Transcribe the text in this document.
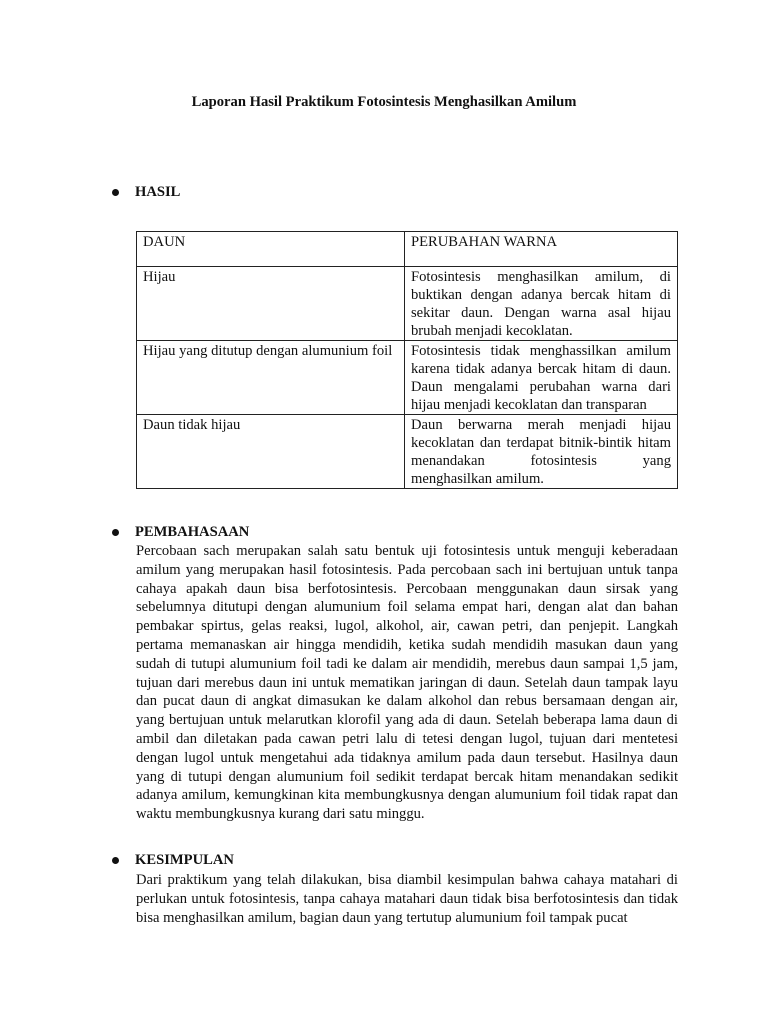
Laporan Hasil Praktikum Fotosintesis Menghasilkan Amilum
HASIL
DAUN	PERUBAHAN WARNA
Hijau	Fotosintesis menghasilkan amilum, di buktikan dengan adanya bercak hitam di sekitar daun. Dengan warna asal hijau brubah menjadi kecoklatan.
Hijau yang ditutup dengan alumunium foil	Fotosintesis tidak menghassilkan amilum karena tidak adanya bercak hitam di daun. Daun mengalami perubahan warna dari hijau menjadi kecoklatan dan transparan
Daun tidak hijau	Daun berwarna merah menjadi hijau kecoklatan dan terdapat bitnik-bintik hitam menandakan fotosintesis yang menghasilkan amilum.
PEMBAHASAAN
Percobaan sach merupakan salah satu bentuk uji fotosintesis untuk menguji keberadaan amilum yang merupakan hasil fotosintesis. Pada percobaan sach ini bertujuan untuk tanpa cahaya apakah daun bisa berfotosintesis. Percobaan menggunakan daun sirsak yang sebelumnya ditutupi dengan alumunium foil selama empat hari, dengan alat dan bahan pembakar spirtus, gelas reaksi, lugol, alkohol, air, cawan petri, dan penjepit. Langkah pertama memanaskan air hingga mendidih, ketika sudah mendidih masukan daun yang sudah di tutupi alumunium foil tadi ke dalam air mendidih, merebus daun sampai 1,5 jam, tujuan dari merebus daun ini untuk mematikan jaringan di daun. Setelah daun tampak layu dan pucat daun di angkat dimasukan ke dalam alkohol dan rebus bersamaan dengan air, yang bertujuan untuk melarutkan klorofil yang ada di daun. Setelah beberapa lama daun di ambil dan diletakan pada cawan petri lalu di tetesi dengan lugol, tujuan dari mentetesi dengan lugol untuk mengetahui ada tidaknya amilum pada daun tersebut. Hasilnya daun yang di tutupi dengan alumunium foil sedikit terdapat bercak hitam menandakan sedikit adanya amilum, kemungkinan kita membungkusnya dengan alumunium foil tidak rapat dan waktu membungkusnya kurang dari satu minggu.
KESIMPULAN
Dari praktikum yang telah dilakukan, bisa diambil kesimpulan bahwa cahaya matahari di perlukan untuk fotosintesis, tanpa cahaya matahari daun tidak bisa berfotosintesis dan tidak bisa menghasilkan amilum, bagian daun yang tertutup alumunium foil tampak pucat
